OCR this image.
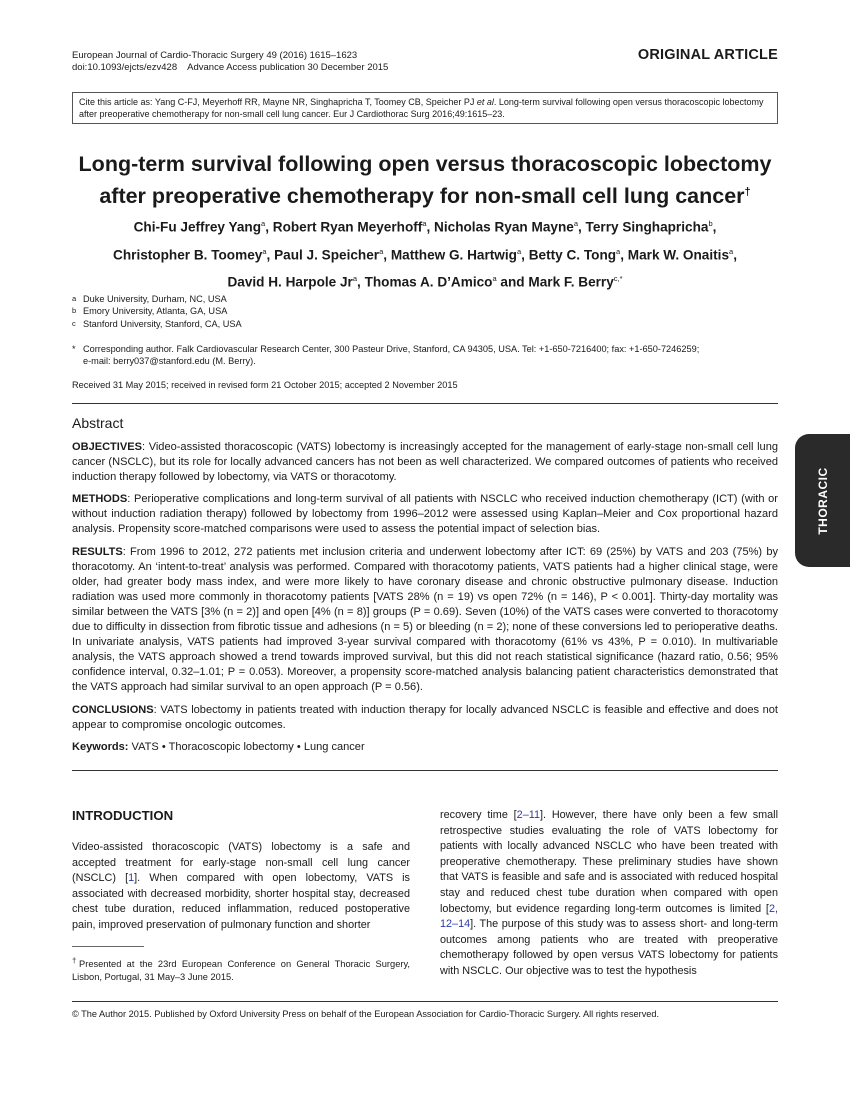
European Journal of Cardio-Thoracic Surgery 49 (2016) 1615–1623
doi:10.1093/ejcts/ezv428    Advance Access publication 30 December 2015
ORIGINAL ARTICLE
Cite this article as: Yang C-FJ, Meyerhoff RR, Mayne NR, Singhapricha T, Toomey CB, Speicher PJ et al. Long-term survival following open versus thoracoscopic lobectomy after preoperative chemotherapy for non-small cell lung cancer. Eur J Cardiothorac Surg 2016;49:1615–23.
Long-term survival following open versus thoracoscopic lobectomy
after preoperative chemotherapy for non-small cell lung cancer†
Chi-Fu Jeffrey Yang$^a$, Robert Ryan Meyerhoff$^a$, Nicholas Ryan Mayne$^a$, Terry Singhapricha$^b$,
Christopher B. Toomey$^a$, Paul J. Speicher$^a$, Matthew G. Hartwig$^a$, Betty C. Tong$^a$, Mark W. Onaitis$^a$,
David H. Harpole Jr$^a$, Thomas A. D’Amico$^a$ and Mark F. Berry$^{c,*}$
a Duke University, Durham, NC, USA
b Emory University, Atlanta, GA, USA
c Stanford University, Stanford, CA, USA
* Corresponding author. Falk Cardiovascular Research Center, 300 Pasteur Drive, Stanford, CA 94305, USA. Tel: +1-650-7216400; fax: +1-650-7246259;
e-mail: berry037@stanford.edu (M. Berry).
Received 31 May 2015; received in revised form 21 October 2015; accepted 2 November 2015
Abstract

OBJECTIVES: Video-assisted thoracoscopic (VATS) lobectomy is increasingly accepted for the management of early-stage non-small cell lung cancer (NSCLC), but its role for locally advanced cancers has not been as well characterized. We compared outcomes of patients who received induction therapy followed by lobectomy, via VATS or thoracotomy.

METHODS: Perioperative complications and long-term survival of all patients with NSCLC who received induction chemotherapy (ICT) (with or without induction radiation therapy) followed by lobectomy from 1996–2012 were assessed using Kaplan–Meier and Cox proportional hazard analysis. Propensity score-matched comparisons were used to assess the potential impact of selection bias.

RESULTS: From 1996 to 2012, 272 patients met inclusion criteria and underwent lobectomy after ICT: 69 (25%) by VATS and 203 (75%) by thoracotomy. An ‘intent-to-treat’ analysis was performed. Compared with thoracotomy patients, VATS patients had a higher clinical stage, were older, had greater body mass index, and were more likely to have coronary disease and chronic obstructive pulmonary disease. Induction radiation was used more commonly in thoracotomy patients [VATS 28% (n = 19) vs open 72% (n = 146), P < 0.001]. Thirty-day mortality was similar between the VATS [3% (n = 2)] and open [4% (n = 8)] groups (P = 0.69). Seven (10%) of the VATS cases were converted to thoracotomy due to difficulty in dissection from fibrotic tissue and adhesions (n = 5) or bleeding (n = 2); none of these conversions led to perioperative deaths. In univariate analysis, VATS patients had improved 3-year survival compared with thoracotomy (61% vs 43%, P = 0.010). In multivariable analysis, the VATS approach showed a trend towards improved survival, but this did not reach statistical significance (hazard ratio, 0.56; 95% confidence interval, 0.32–1.01; P = 0.053). Moreover, a propensity score-matched analysis balancing patient characteristics demonstrated that the VATS approach had similar survival to an open approach (P = 0.56).

CONCLUSIONS: VATS lobectomy in patients treated with induction therapy for locally advanced NSCLC is feasible and effective and does not appear to compromise oncologic outcomes.

Keywords: VATS • Thoracoscopic lobectomy • Lung cancer

THORACIC
INTRODUCTION
Video-assisted thoracoscopic (VATS) lobectomy is a safe and accepted treatment for early-stage non-small cell lung cancer (NSCLC) [1]. When compared with open lobectomy, VATS is associated with decreased morbidity, shorter hospital stay, decreased chest tube duration, reduced inflammation, reduced postoperative pain, improved preservation of pulmonary function and shorter
†Presented at the 23rd European Conference on General Thoracic Surgery, Lisbon, Portugal, 31 May–3 June 2015.
recovery time [2–11]. However, there have only been a few small retrospective studies evaluating the role of VATS lobectomy for patients with locally advanced NSCLC who have been treated with preoperative chemotherapy. These preliminary studies have shown that VATS is feasible and safe and is associated with reduced hospital stay and reduced chest tube duration when compared with open lobectomy, but evidence regarding long-term outcomes is limited [2, 12–14]. The purpose of this study was to assess short- and long-term outcomes among patients who are treated with preoperative chemotherapy followed by open versus VATS lobectomy for patients with NSCLC. Our objective was to test the hypothesis
© The Author 2015. Published by Oxford University Press on behalf of the European Association for Cardio-Thoracic Surgery. All rights reserved.
